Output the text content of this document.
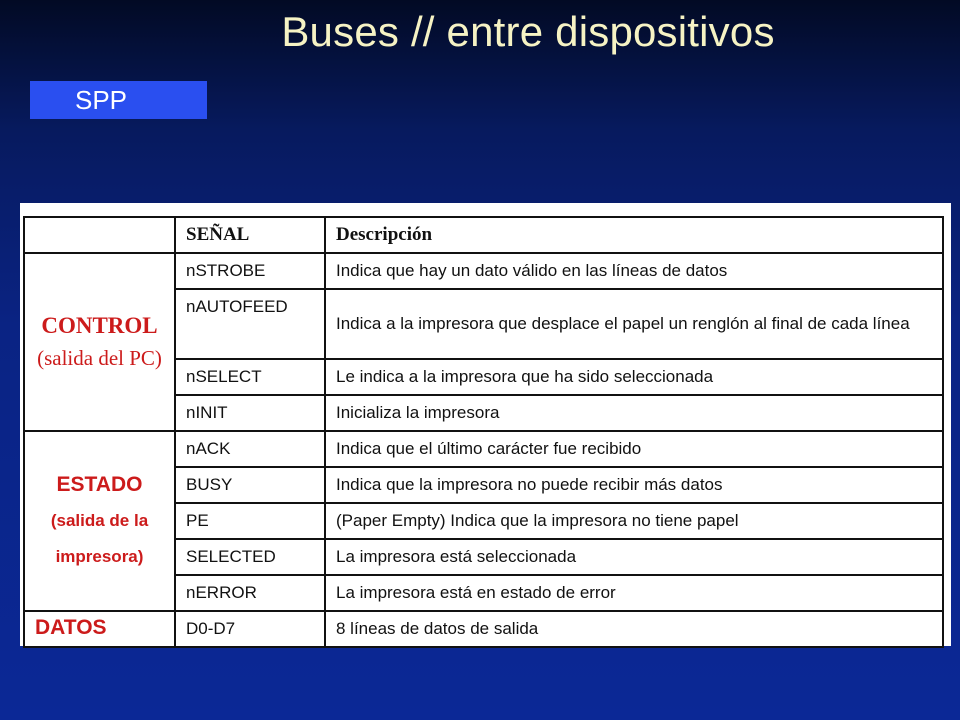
Buses // entre dispositivos
SPP
	SEÑAL	Descripción

CONTROL
(salida del PC)	nSTROBE	Indica que hay un dato válido en las líneas de datos
	nAUTOFEED	Indica a la impresora que desplace el papel un renglón al final de cada línea
	nSELECT	Le indica a la impresora que ha sido seleccionada
	nINIT	Inicializa la impresora

ESTADO
(salida de la impresora)	nACK	Indica que el último carácter fue recibido
	BUSY	Indica que la impresora no puede recibir más datos
	PE	(Paper Empty) Indica que la impresora no tiene papel
	SELECTED	La impresora está seleccionada
	nERROR	La impresora está en estado de error
DATOS	D0-D7	8 líneas de datos de salida
